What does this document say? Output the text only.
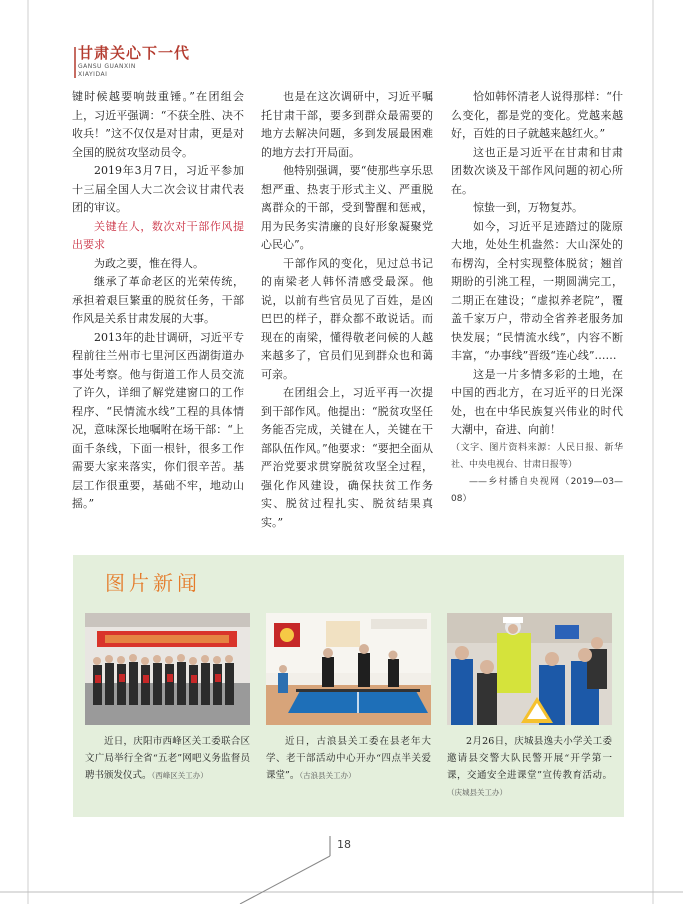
甘肃关心下一代
GANSU GUANXIN
XIAYIDAI

键时候越要响鼓重锤。”在团组会上，习近平强调：“不获全胜、决不收兵！”这不仅仅是对甘肃，更是对全国的脱贫攻坚动员令。

2019年3月7日，习近平参加十三届全国人大二次会议甘肃代表团的审议。

关键在人，数次对干部作风提出要求

为政之要，惟在得人。

继承了革命老区的光荣传统，承担着艰巨繁重的脱贫任务，干部作风是关系甘肃发展的大事。

2013年的赴甘调研，习近平专程前往兰州市七里河区西湖街道办事处考察。他与街道工作人员交流了许久，详细了解党建窗口的工作程序、“民情流水线”工程的具体情况，意味深长地嘱咐在场干部：“上面千条线，下面一根针，很多工作需要大家来落实，你们很辛苦。基层工作很重要，基础不牢，地动山摇。”

也是在这次调研中，习近平嘱托甘肃干部，要多到群众最需要的地方去解决问题，多到发展最困难的地方去打开局面。

他特别强调，要“使那些享乐思想严重、热衷于形式主义、严重脱离群众的干部，受到警醒和惩戒，用为民务实清廉的良好形象凝聚党心民心”。

干部作风的变化，见过总书记的南梁老人韩怀清感受最深。他说，以前有些官员见了百姓，是凶巴巴的样子，群众都不敢说话。而现在的南梁，懂得敬老问候的人越来越多了，官员们见到群众也和蔼可亲。

在团组会上，习近平再一次提到干部作风。他提出：“脱贫攻坚任务能否完成，关键在人，关键在干部队伍作风。”他要求：“要把全面从严治党要求贯穿脱贫攻坚全过程，强化作风建设，确保扶贫工作务实、脱贫过程扎实、脱贫结果真实。”

恰如韩怀清老人说得那样：“什么变化，都是党的变化。党越来越好，百姓的日子就越来越红火。”

这也正是习近平在甘肃和甘肃团数次谈及干部作风问题的初心所在。

惊蛰一到，万物复苏。

如今，习近平足迹踏过的陇原大地，处处生机盎然：大山深处的布楞沟，全村实现整体脱贫；翘首期盼的引洮工程，一期圆满完工，二期正在建设；“虚拟养老院”，覆盖千家万户，带动全省养老服务加快发展；“民情流水线”，内容不断丰富，“办事线”晋级“连心线”……

这是一片多情多彩的土地，在中国的西北方，在习近平的日光深处，也在中华民族复兴伟业的时代大潮中，奋进、向前！

（文字、图片资料来源：人民日报、新华社、中央电视台、甘肃日报等）

——乡村播自央视网（2019—03—08）

图片新闻
近日，庆阳市西峰区关工委联合区文广局举行全省“五老”网吧义务监督员聘书颁发仪式。（西峰区关工办）
近日，古浪县关工委在县老年大学、老干部活动中心开办“四点半关爱课堂”。（古浪县关工办）
2月26日，庆城县逸夫小学关工委邀请县交警大队民警开展“开学第一课，交通安全进课堂”宣传教育活动。（庆城县关工办）
18
